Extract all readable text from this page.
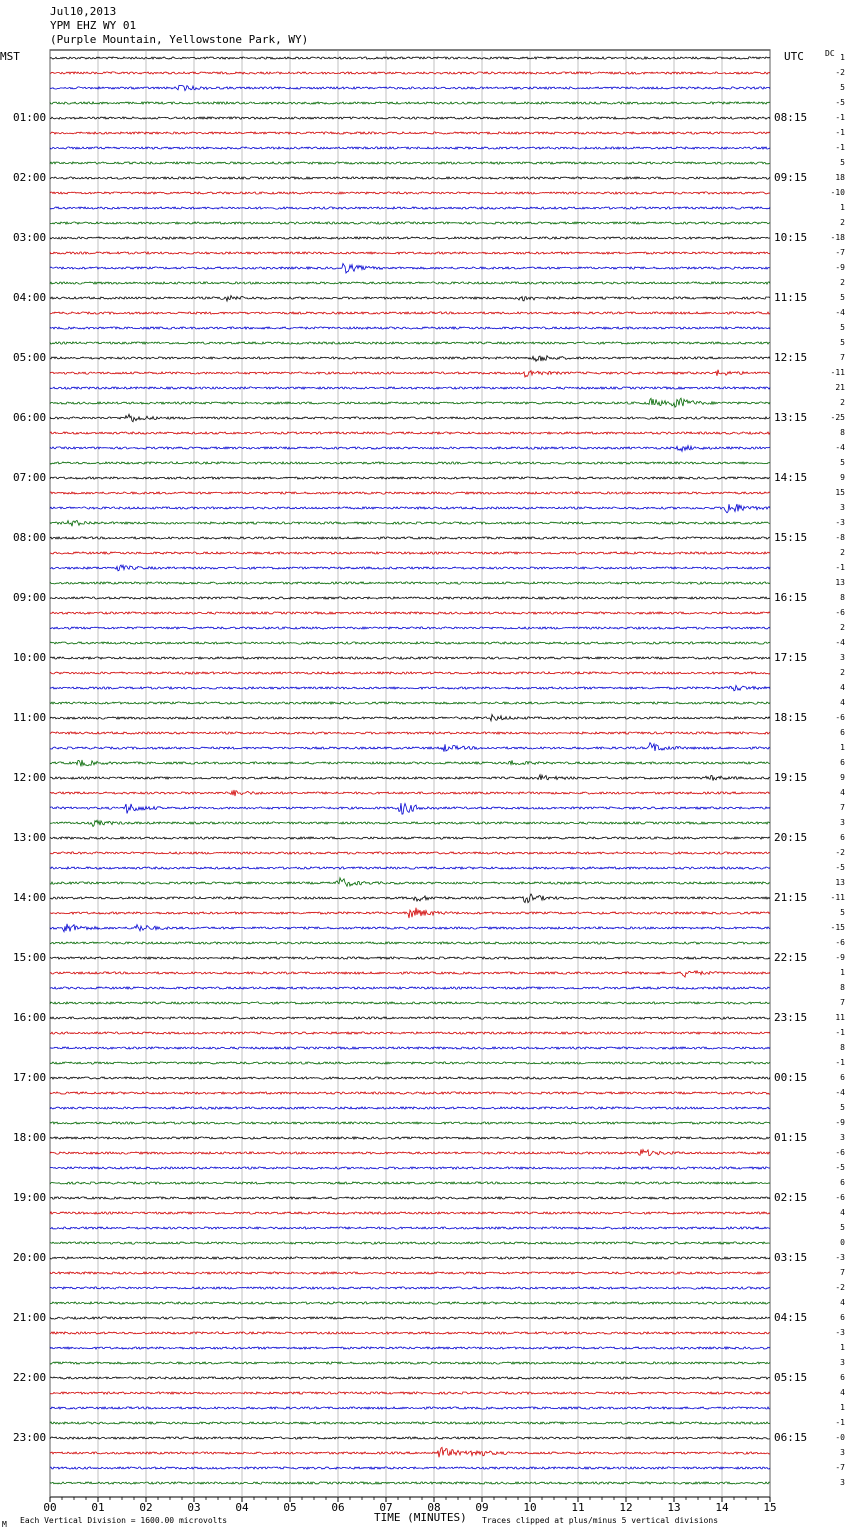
Jul10,2013
YPM EHZ WY 01
(Purple Mountain, Yellowstone Park, WY)
MST	UTC	DC
00	01	02	03	04	05	06	07	08	09	10	11	12	13	14	15
01:00
02:00
03:00
04:00
05:00
06:00
07:00
08:00
09:00
10:00
11:00
12:00
13:00
14:00
15:00
16:00
17:00
18:00
19:00
20:00
21:00
22:00
23:00
08:15
09:15
10:15
11:15
12:15
13:15
14:15
15:15
16:15
17:15
18:15
19:15
20:15
21:15
22:15
23:15
00:15
01:15
02:15
03:15
04:15
05:15
06:15
1
-2
5
-5
-1
-1
-1
5
18
-10
1
2
-18
-7
-9
2
5
-4
5
5
7
-11
21
2
-25
8
-4
5
9
15
3
-3
-8
2
-1
13
8
-6
2
-4
3
2
4
4
-6
6
1
6
9
4
7
3
6
-2
-5
13
-11
5
-15
-6
-9
1
8
7
11
-1
8
-1
6
-4
5
-9
3
-6
-5
6
-6
4
5
0
-3
7
-2
4
6
-3
1
3
6
4
1
-1
-0
3
-7
3
TIME (MINUTES)
M Each Vertical Division = 1600.00 microvolts	Traces clipped at plus/minus 5 vertical divisions
